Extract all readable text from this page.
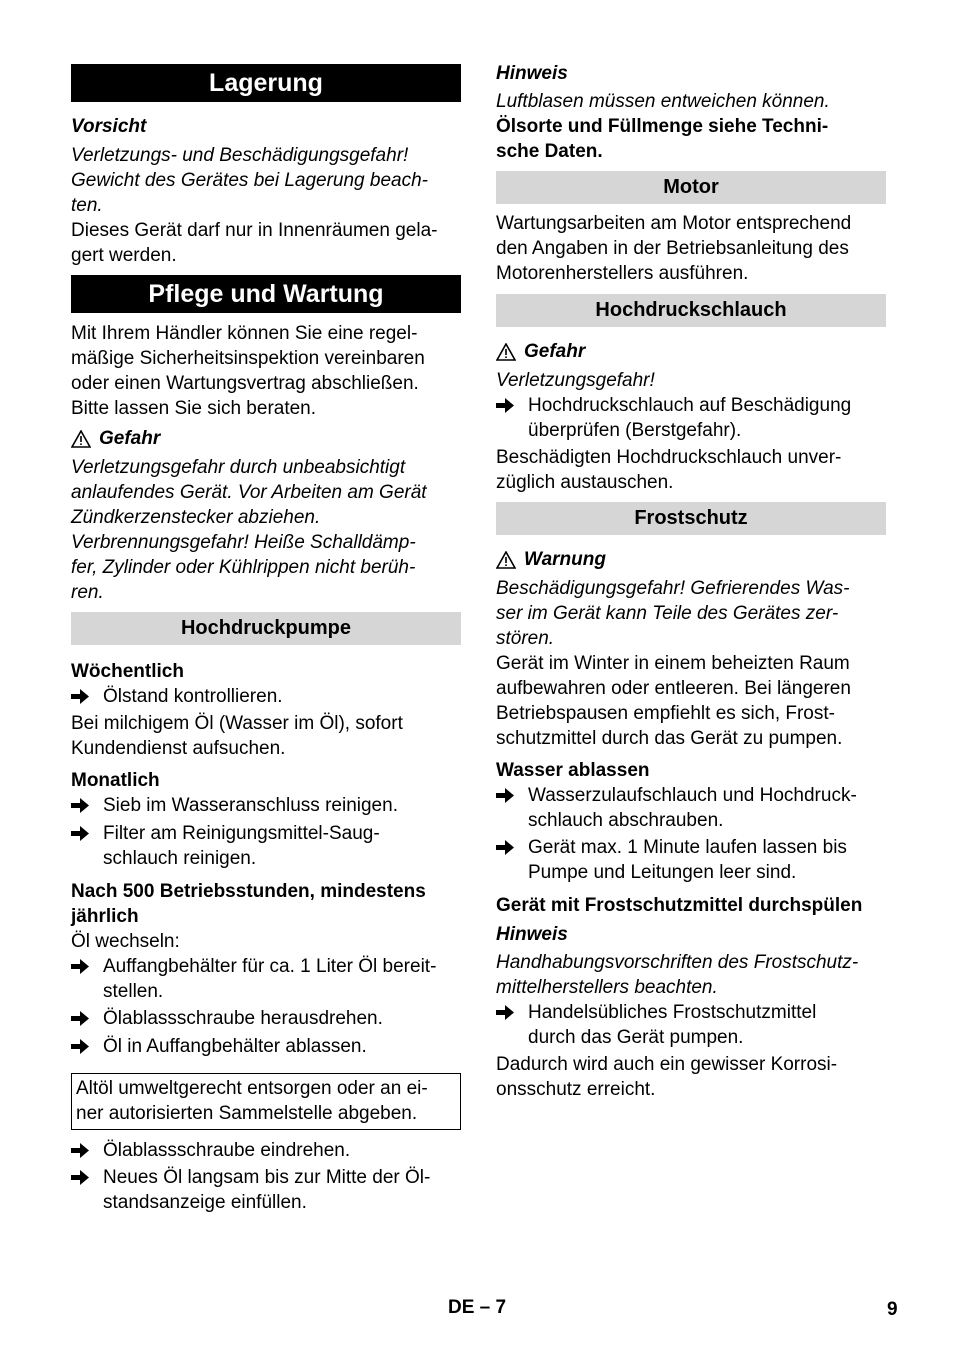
Lagerung

Vorsicht

Verletzungs- und Beschädigungsgefahr!
Gewicht des Gerätes bei Lagerung beach-
ten.

Dieses Gerät darf nur in Innenräumen gela-
gert werden.

Pflege und Wartung

Mit Ihrem Händler können Sie eine regel-
mäßige Sicherheitsinspektion vereinbaren
oder einen Wartungsvertrag abschließen.
Bitte lassen Sie sich beraten.

Gefahr

Verletzungsgefahr durch unbeabsichtigt
anlaufendes Gerät. Vor Arbeiten am Gerät
Zündkerzenstecker abziehen.
Verbrennungsgefahr! Heiße Schalldämp-
fer, Zylinder oder Kühlrippen nicht berüh-
ren.

Hochdruckpumpe

Wöchentlich

Ölstand kontrollieren.

Bei milchigem Öl (Wasser im Öl), sofort
Kundendienst aufsuchen.

Monatlich

Sieb im Wasseranschluss reinigen.
Filter am Reinigungsmittel-Saug-
schlauch reinigen.

Nach 500 Betriebsstunden, mindestens
jährlich

Öl wechseln:

Auffangbehälter für ca. 1 Liter Öl bereit-
stellen.
Ölablassschraube herausdrehen.
Öl in Auffangbehälter ablassen.
Altöl umweltgerecht entsorgen oder an ei-
ner autorisierten Sammelstelle abgeben.
Ölablassschraube eindrehen.
Neues Öl langsam bis zur Mitte der Öl-
standsanzeige einfüllen.

Hinweis

Luftblasen müssen entweichen können.

Ölsorte und Füllmenge siehe Techni-
sche Daten.

Motor

Wartungsarbeiten am Motor entsprechend
den Angaben in der Betriebsanleitung des
Motorenherstellers ausführen.

Hochdruckschlauch
Gefahr

Verletzungsgefahr!

Hochdruckschlauch auf Beschädigung
überprüfen (Berstgefahr).

Beschädigten Hochdruckschlauch unver-
züglich austauschen.

Frostschutz
Warnung

Beschädigungsgefahr! Gefrierendes Was-
ser im Gerät kann Teile des Gerätes zer-
stören.

Gerät im Winter in einem beheizten Raum
aufbewahren oder entleeren. Bei längeren
Betriebspausen empfiehlt es sich, Frost-
schutzmittel durch das Gerät zu pumpen.

Wasser ablassen

Wasserzulaufschlauch und Hochdruck-
schlauch abschrauben.
Gerät max. 1 Minute laufen lassen bis
Pumpe und Leitungen leer sind.

Gerät mit Frostschutzmittel durchspülen

Hinweis

Handhabungsvorschriften des Frostschutz-
mittelherstellers beachten.

Handelsübliches Frostschutzmittel
durch das Gerät pumpen.

Dadurch wird auch ein gewisser Korrosi-
onsschutz erreicht.

DE – 7	9
